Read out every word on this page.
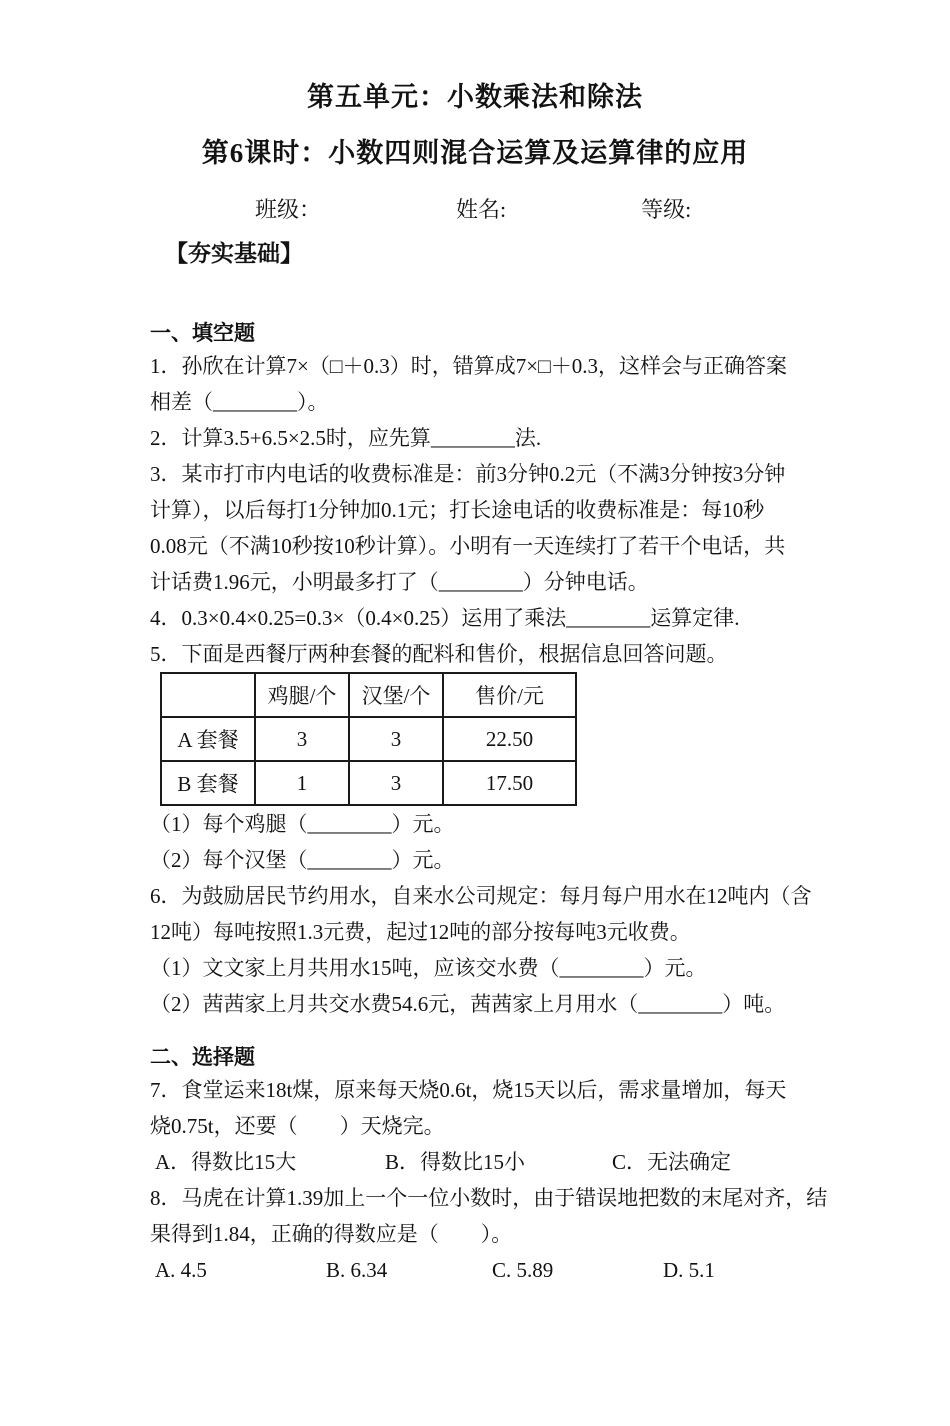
第五单元：小数乘法和除法
第6课时：小数四则混合运算及运算律的应用
班级：	姓名:	等级:
【夯实基础】
一、填空题
1．孙欣在计算7×（□＋0.3）时，错算成7×□＋0.3，这样会与正确答案
相差（________）。
2．计算3.5+6.5×2.5时，应先算________法.
3．某市打市内电话的收费标准是：前3分钟0.2元（不满3分钟按3分钟
计算），以后每打1分钟加0.1元；打长途电话的收费标准是：每10秒
0.08元（不满10秒按10秒计算）。小明有一天连续打了若干个电话，共
计话费1.96元，小明最多打了（________）分钟电话。
4．0.3×0.4×0.25=0.3×（0.4×0.25）运用了乘法________运算定律.
5．下面是西餐厅两种套餐的配料和售价，根据信息回答问题。
	鸡腿/个	汉堡/个	售价/元
A 套餐	3	3	22.50
B 套餐	1	3	17.50
（1）每个鸡腿（________）元。
（2）每个汉堡（________）元。
6．为鼓励居民节约用水，自来水公司规定：每月每户用水在12吨内（含
12吨）每吨按照1.3元费，起过12吨的部分按每吨3元收费。
（1）文文家上月共用水15吨，应该交水费（________）元。
（2）茜茜家上月共交水费54.6元，茜茜家上月用水（________）吨。
二、选择题
7．食堂运来18t煤，原来每天烧0.6t，烧15天以后，需求量增加，每天
烧0.75t，还要（　　）天烧完。
A．得数比15大	B．得数比15小	C．无法确定
8．马虎在计算1.39加上一个一位小数时，由于错误地把数的末尾对齐，结
果得到1.84，正确的得数应是（　　）。
A. 4.5	B. 6.34	C. 5.89	D. 5.1
